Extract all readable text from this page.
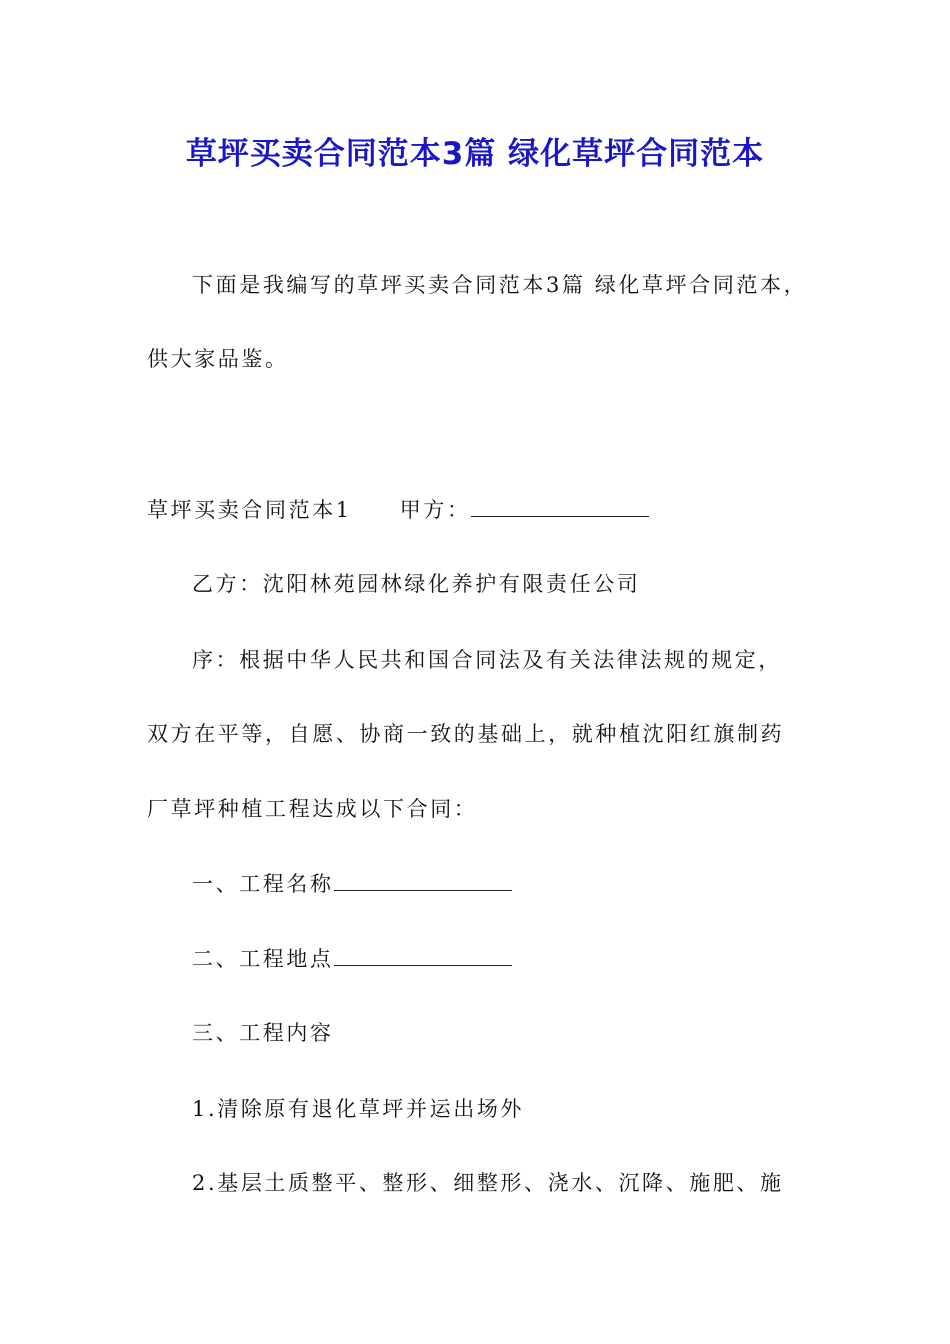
草坪买卖合同范本3篇 绿化草坪合同范本
下面是我编写的草坪买卖合同范本3篇 绿化草坪合同范本，
供大家品鉴。
草坪买卖合同范本1 甲方：
乙方：沈阳林苑园林绿化养护有限责任公司
序：根据中华人民共和国合同法及有关法律法规的规定，
双方在平等，自愿、协商一致的基础上，就种植沈阳红旗制药
厂草坪种植工程达成以下合同：
一、工程名称
二、工程地点
三、工程内容
1.清除原有退化草坪并运出场外
2.基层土质整平、整形、细整形、浇水、沉降、施肥、施
